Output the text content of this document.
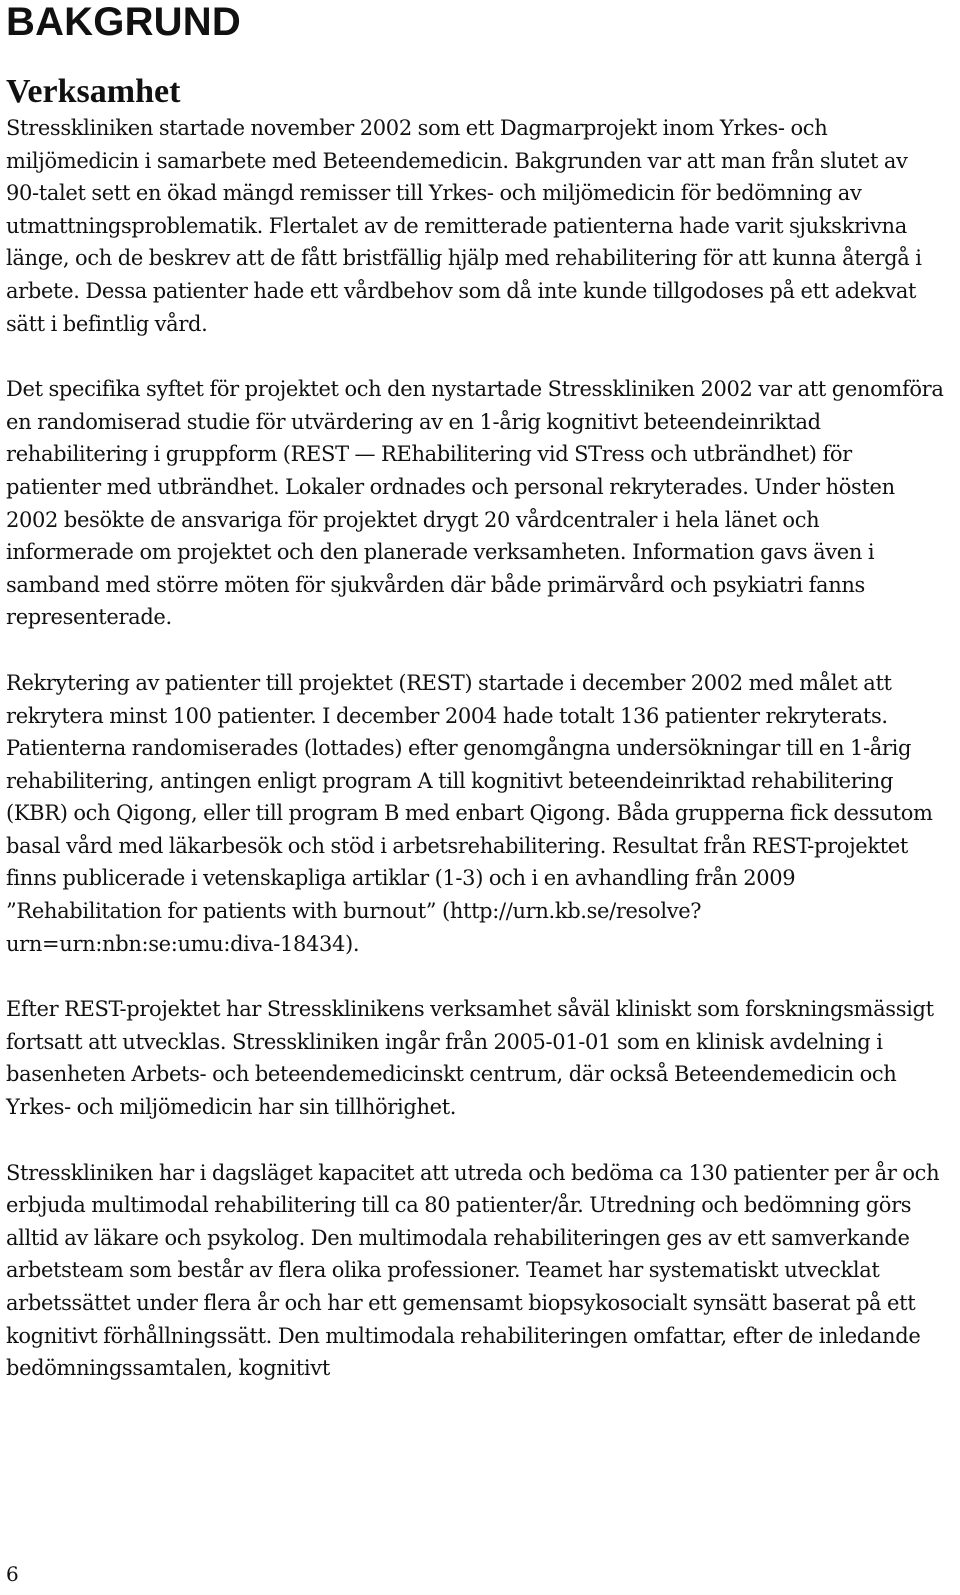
BAKGRUND
Verksamhet

Stresskliniken startade november 2002 som ett Dagmarprojekt inom Yrkes- och miljömedicin i samarbete med Beteendemedicin. Bakgrunden var att man från slutet av 90-talet sett en ökad mängd remisser till Yrkes- och miljömedicin för bedömning av utmattningsproblematik. Flertalet av de remitterade patienterna hade varit sjukskrivna länge, och de beskrev att de fått bristfällig hjälp med rehabilitering för att kunna återgå i arbete. Dessa patienter hade ett vårdbehov som då inte kunde tillgodoses på ett adekvat sätt i befintlig vård.

Det specifika syftet för projektet och den nystartade Stresskliniken 2002 var att genomföra en randomiserad studie för utvärdering av en 1-årig kognitivt beteendeinriktad rehabilitering i gruppform (REST — REhabilitering vid STress och utbrändhet) för patienter med utbrändhet. Lokaler ordnades och personal rekryterades. Under hösten 2002 besökte de ansvariga för projektet drygt 20 vårdcentraler i hela länet och informerade om projektet och den planerade verksamheten. Information gavs även i samband med större möten för sjukvården där både primärvård och psykiatri fanns representerade.

Rekrytering av patienter till projektet (REST) startade i december 2002 med målet att rekrytera minst 100 patienter. I december 2004 hade totalt 136 patienter rekryterats. Patienterna randomiserades (lottades) efter genomgångna undersökningar till en 1-årig rehabilitering, antingen enligt program A till kognitivt beteendeinriktad rehabilitering (KBR) och Qigong, eller till program B med enbart Qigong. Båda grupperna fick dessutom basal vård med läkarbesök och stöd i arbetsrehabilitering. Resultat från REST-projektet finns publicerade i vetenskapliga artiklar (1-3) och i en avhandling från 2009 ”Rehabilitation for patients with burnout” (http://urn.kb.se/resolve?urn=urn:nbn:se:umu:diva-18434).

Efter REST-projektet har Stressklinikens verksamhet såväl kliniskt som forskningsmässigt fortsatt att utvecklas. Stresskliniken ingår från 2005-01-01 som en klinisk avdelning i basenheten Arbets- och beteendemedicinskt centrum, där också Beteendemedicin och Yrkes- och miljömedicin har sin tillhörighet.

Stresskliniken har i dagsläget kapacitet att utreda och bedöma ca 130 patienter per år och erbjuda multimodal rehabilitering till ca 80 patienter/år. Utredning och bedömning görs alltid av läkare och psykolog. Den multimodala rehabiliteringen ges av ett samverkande arbetsteam som består av flera olika professioner. Teamet har systematiskt utvecklat arbetssättet under flera år och har ett gemensamt biopsykosocialt synsätt baserat på ett kognitivt förhållningssätt. Den multimodala rehabiliteringen omfattar, efter de inledande bedömningssamtalen, kognitivt

6
